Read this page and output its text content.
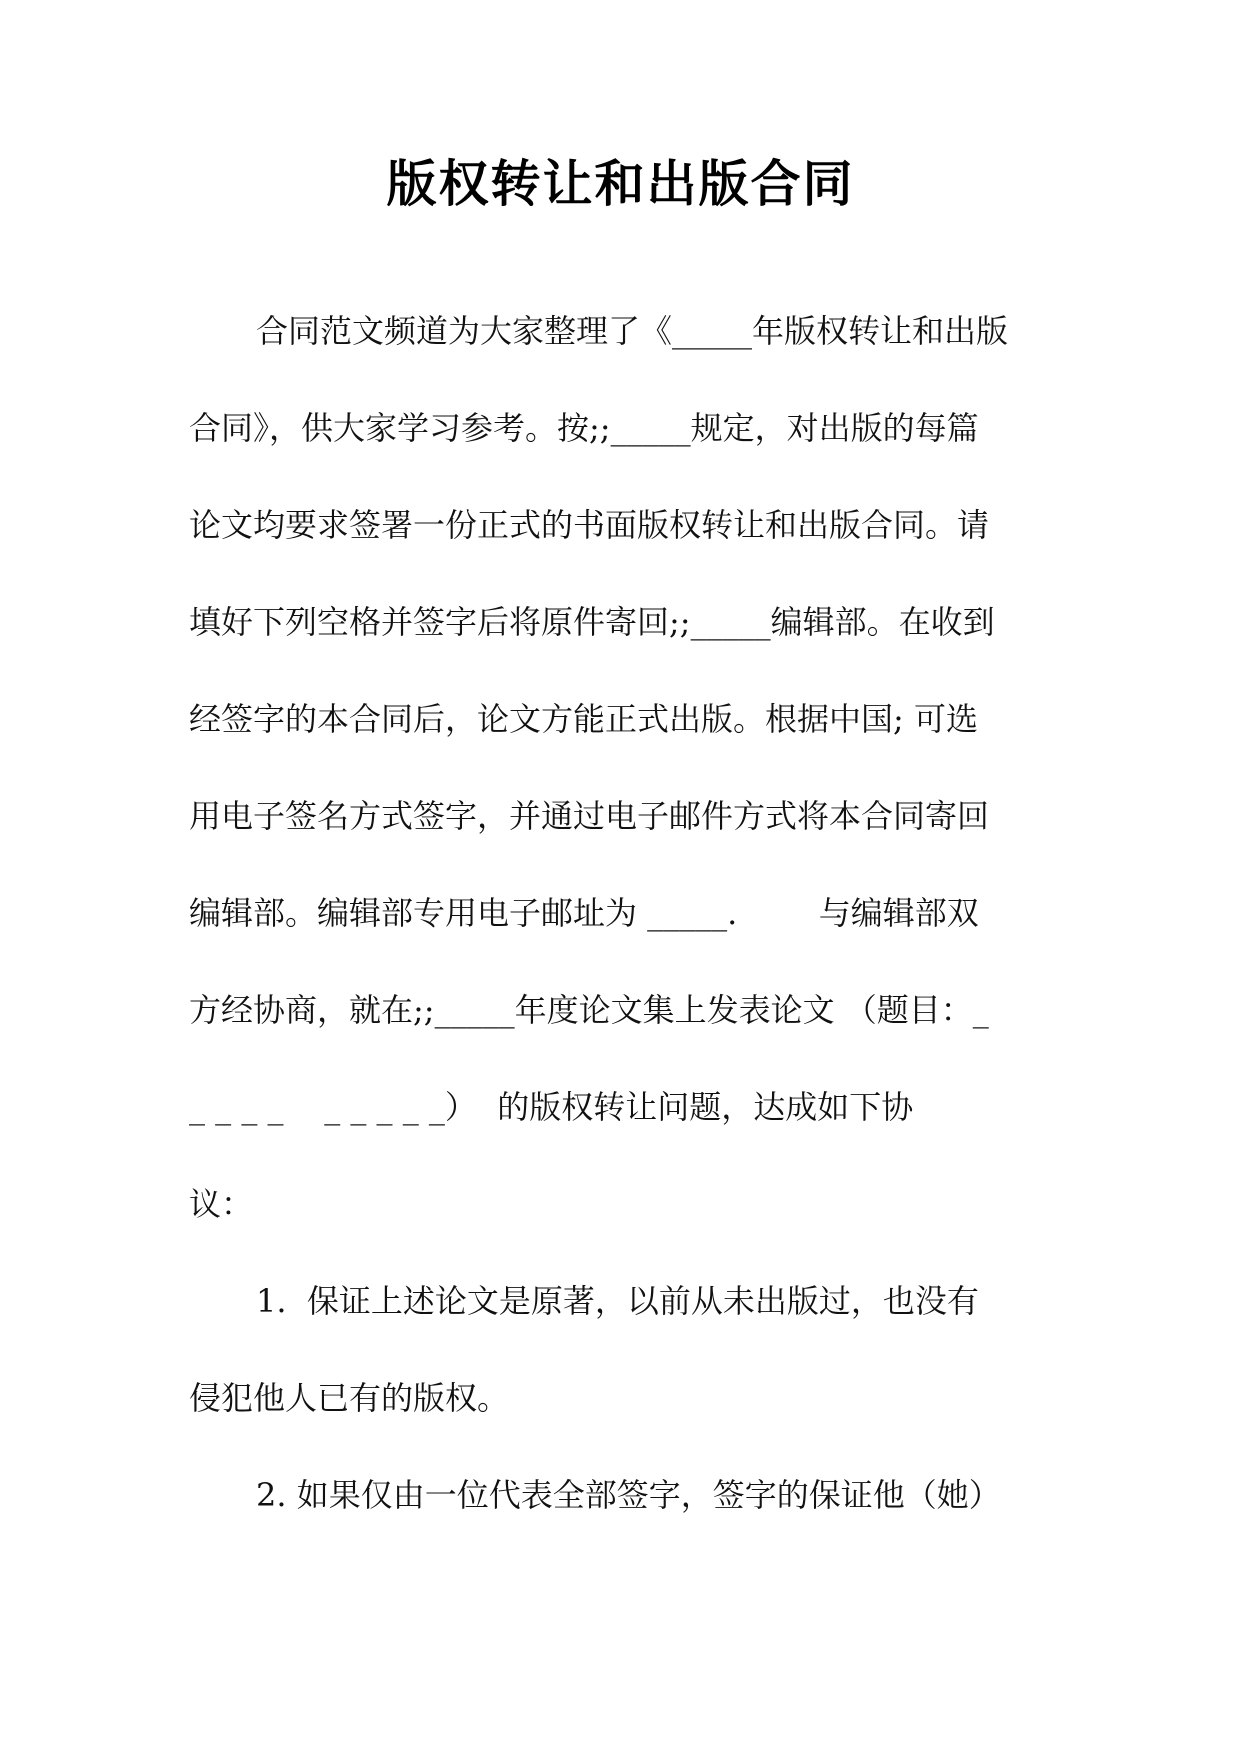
版权转让和出版合同
合同范文频道为大家整理了《_____年版权转让和出版
合同》，供大家学习参考。按;;_____规定，对出版的每篇
论文均要求签署一份正式的书面版权转让和出版合同。请
填好下列空格并签字后将原件寄回;;_____编辑部。在收到
经签字的本合同后，论文方能正式出版。根据中国; 可选
用电子签名方式签字，并通过电子邮件方式将本合同寄回
编辑部。编辑部专用电子邮址为 _____.        与编辑部双
方经协商，就在;;_____年度论文集上发表论文 （题目：_
_ _ _ _    _ _ _ _ _）  的版权转让问题，达成如下协
议：
1.  保证上述论文是原著，以前从未出版过，也没有
侵犯他人已有的版权。
2. 如果仅由一位代表全部签字，签字的保证他（她）
